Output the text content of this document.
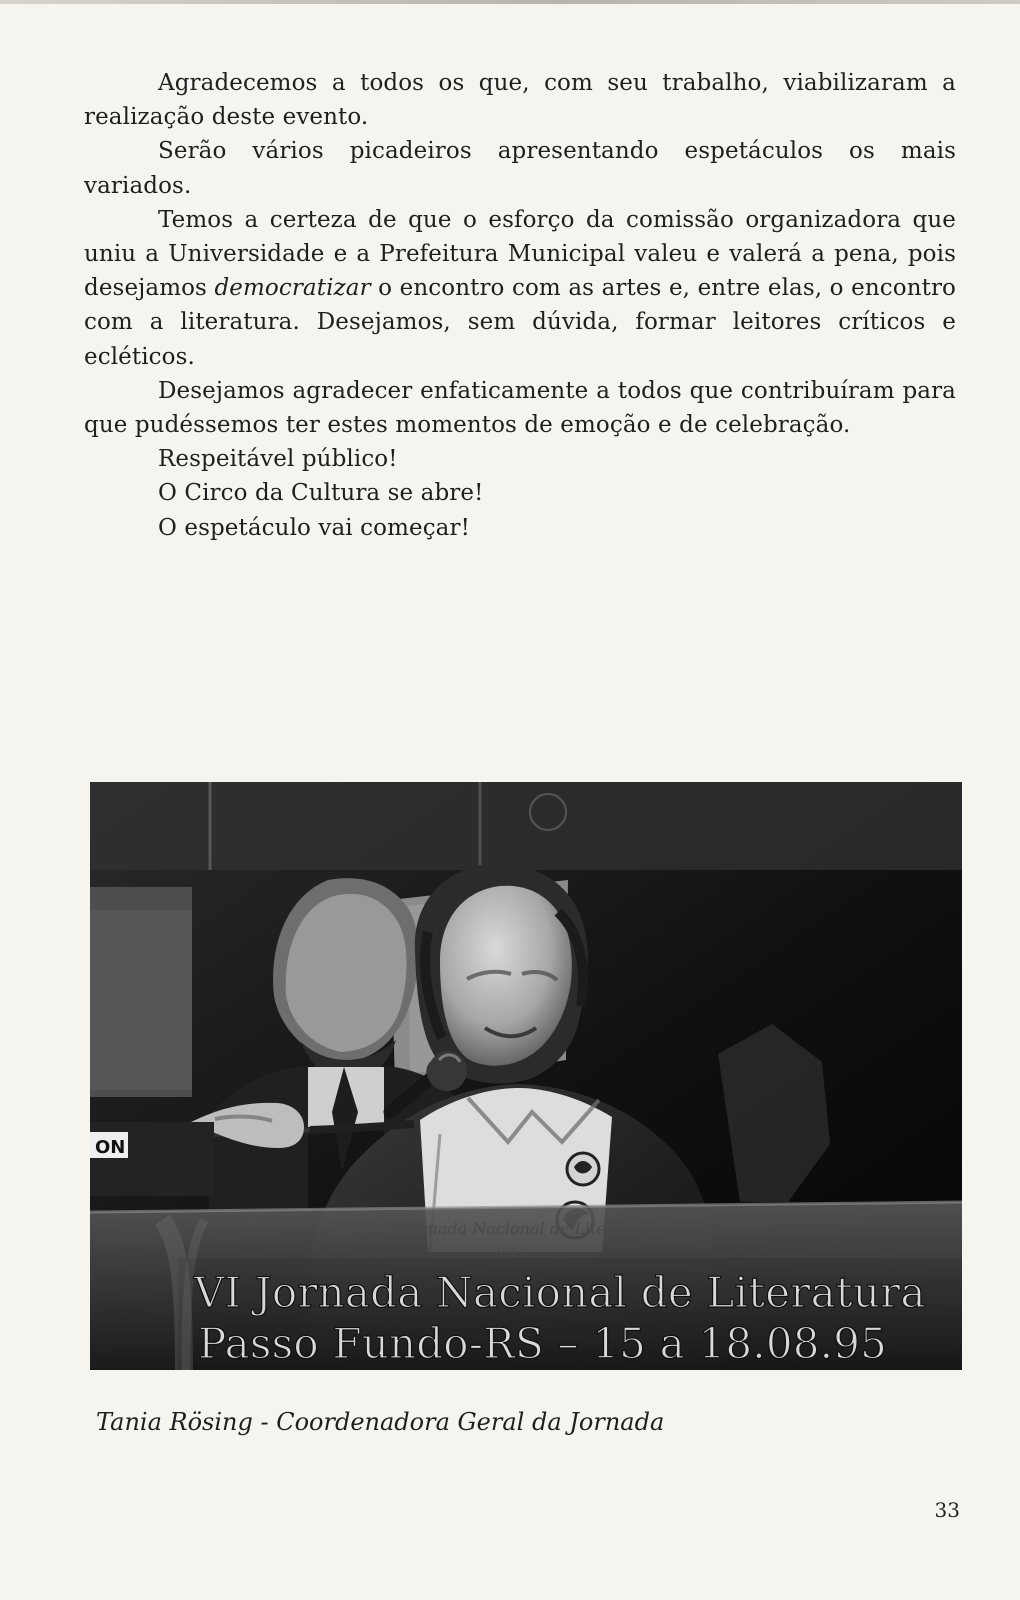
Agradecemos a todos os que, com seu trabalho, viabilizaram a realização deste evento.

Serão vários picadeiros apresentando espetáculos os mais variados.

Temos a certeza de que o esforço da comissão organizadora que uniu a Universidade e a Prefeitura Municipal valeu e valerá a pena, pois desejamos democratizar o encontro com as artes e, entre elas, o encontro com a literatura. Desejamos, sem dúvida, formar leitores críticos e ecléticos.

Desejamos agradecer enfaticamente a todos que contribuíram para que pudéssemos ter estes momentos de emoção e de celebração.

Respeitável público!

O Circo da Cultura se abre!

O espetáculo vai começar!

ON
VI Jornada Nacional de Literatura
Passo Fundo-RS – 15 a 18.08.95

Tania Rösing - Coordenadora Geral da Jornada

33
